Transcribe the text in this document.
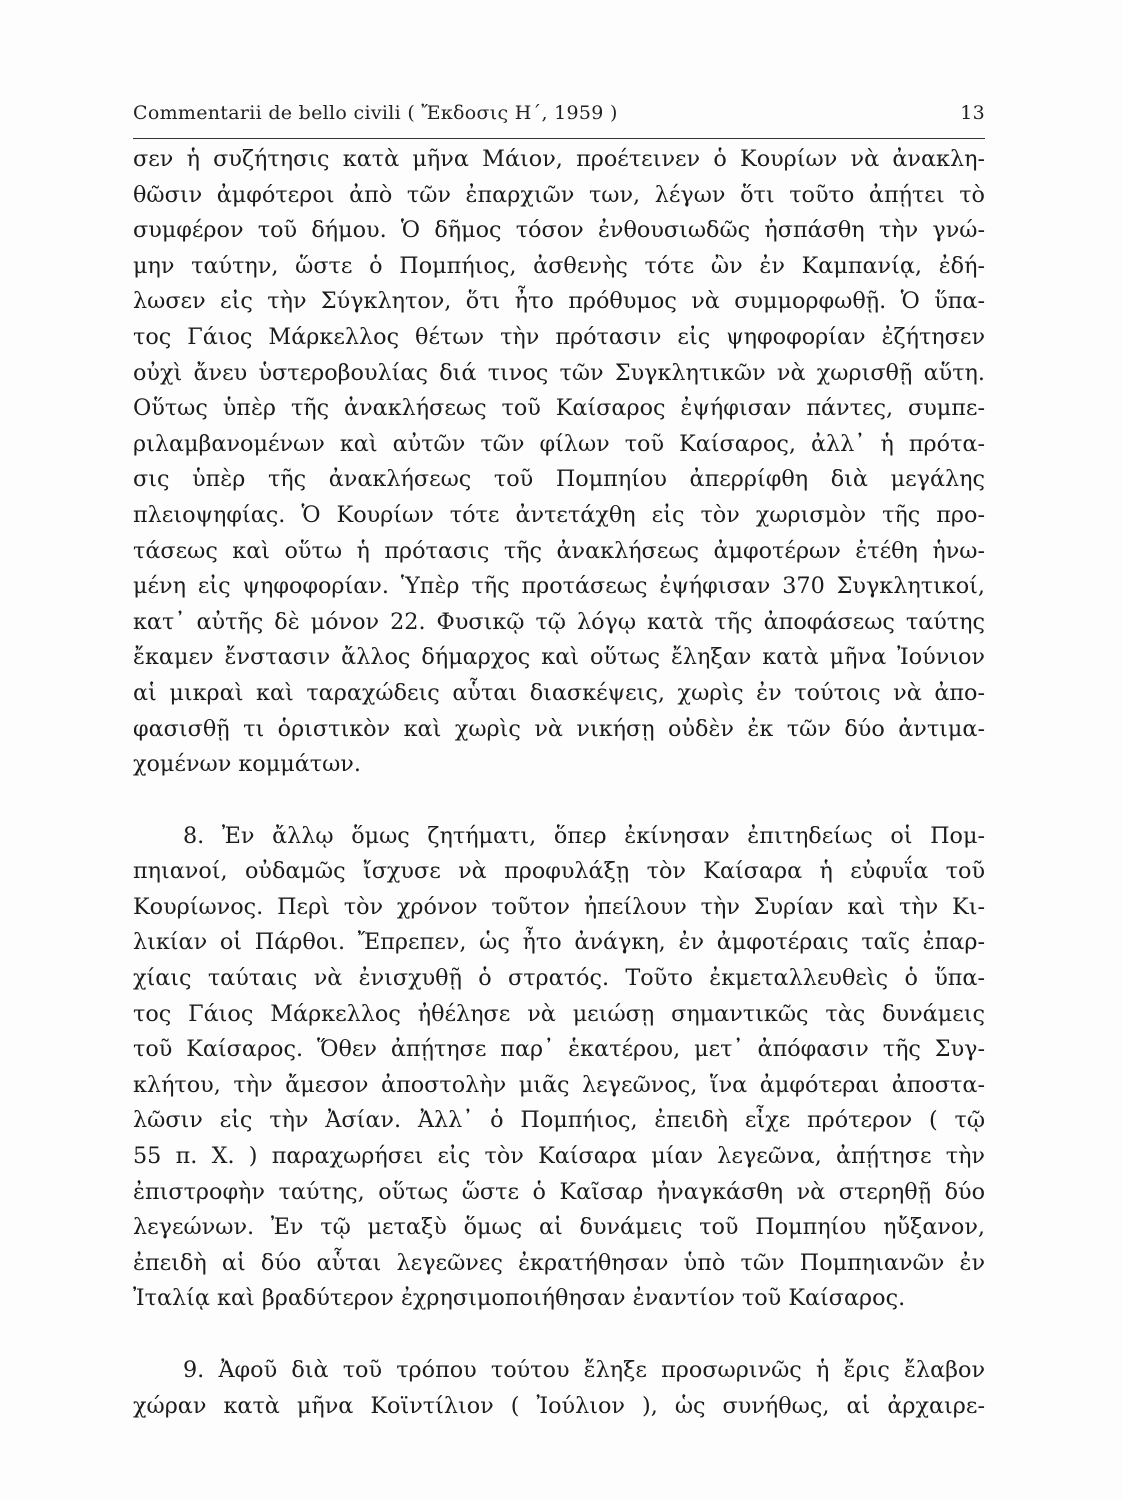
Commentarii de bello civili ( Ἔκδοσις Η΄, 1959 )	13
σεν ἡ συζήτησις κατὰ μῆνα Μάιον, προέτεινεν ὁ Κουρίων νὰ ἀνακλη-
θῶσιν ἀμφότεροι ἀπὸ τῶν ἐπαρχιῶν των, λέγων ὅτι τοῦτο ἀπῄτει τὸ
συμφέρον τοῦ δήμου. Ὁ δῆμος τόσον ἐνθουσιωδῶς ἠσπάσθη τὴν γνώ-
μην ταύτην, ὥστε ὁ Πομπήιος, ἀσθενὴς τότε ὢν ἐν Καμπανίᾳ, ἐδή-
λωσεν εἰς τὴν Σύγκλητον, ὅτι ἦτο πρόθυμος νὰ συμμορφωθῇ. Ὁ ὕπα-
τος Γάιος Μάρκελλος θέτων τὴν πρότασιν εἰς ψηφοφορίαν ἐζήτησεν
οὐχὶ ἄνευ ὑστεροβουλίας διά τινος τῶν Συγκλητικῶν νὰ χωρισθῇ αὕτη.
Οὕτως ὑπὲρ τῆς ἀνακλήσεως τοῦ Καίσαρος ἐψήφισαν πάντες, συμπε-
ριλαμβανομένων καὶ αὐτῶν τῶν φίλων τοῦ Καίσαρος, ἀλλ᾽ ἡ πρότα-
σις ὑπὲρ τῆς ἀνακλήσεως τοῦ Πομπηίου ἀπερρίφθη διὰ μεγάλης
πλειοψηφίας. Ὁ Κουρίων τότε ἀντετάχθη εἰς τὸν χωρισμὸν τῆς προ-
τάσεως καὶ οὕτω ἡ πρότασις τῆς ἀνακλήσεως ἀμφοτέρων ἐτέθη ἡνω-
μένη εἰς ψηφοφορίαν. Ὑπὲρ τῆς προτάσεως ἐψήφισαν 370 Συγκλητικοί,
κατ᾽ αὐτῆς δὲ μόνον 22. Φυσικῷ τῷ λόγῳ κατὰ τῆς ἀποφάσεως ταύτης
ἔκαμεν ἔνστασιν ἄλλος δήμαρχος καὶ οὕτως ἔληξαν κατὰ μῆνα Ἰούνιον
αἱ μικραὶ καὶ ταραχώδεις αὗται διασκέψεις, χωρὶς ἐν τούτοις νὰ ἀπο-
φασισθῇ τι ὁριστικὸν καὶ χωρὶς νὰ νικήσῃ οὐδὲν ἐκ τῶν δύο ἀντιμα-
χομένων κομμάτων.
8. Ἐν ἄλλῳ ὅμως ζητήματι, ὅπερ ἐκίνησαν ἐπιτηδείως οἱ Πομ-
πηιανοί, οὐδαμῶς ἴσχυσε νὰ προφυλάξῃ τὸν Καίσαρα ἡ εὐφυΐα τοῦ
Κουρίωνος. Περὶ τὸν χρόνον τοῦτον ἠπείλουν τὴν Συρίαν καὶ τὴν Κι-
λικίαν οἱ Πάρθοι. Ἔπρεπεν, ὡς ἦτο ἀνάγκη, ἐν ἀμφοτέραις ταῖς ἐπαρ-
χίαις ταύταις νὰ ἐνισχυθῇ ὁ στρατός. Τοῦτο ἐκμεταλλευθεὶς ὁ ὕπα-
τος Γάιος Μάρκελλος ἠθέλησε νὰ μειώσῃ σημαντικῶς τὰς δυνάμεις
τοῦ Καίσαρος. Ὅθεν ἀπῄτησε παρ᾽ ἑκατέρου, μετ᾽ ἀπόφασιν τῆς Συγ-
κλήτου, τὴν ἄμεσον ἀποστολὴν μιᾶς λεγεῶνος, ἵνα ἀμφότεραι ἀποστα-
λῶσιν εἰς τὴν Ἀσίαν. Ἀλλ᾽ ὁ Πομπήιος, ἐπειδὴ εἶχε πρότερον ( τῷ
55 π. Χ. ) παραχωρήσει εἰς τὸν Καίσαρα μίαν λεγεῶνα, ἀπῄτησε τὴν
ἐπιστροφὴν ταύτης, οὕτως ὥστε ὁ Καῖσαρ ἠναγκάσθη νὰ στερηθῇ δύο
λεγεώνων. Ἐν τῷ μεταξὺ ὅμως αἱ δυνάμεις τοῦ Πομπηίου ηὔξανον,
ἐπειδὴ αἱ δύο αὗται λεγεῶνες ἐκρατήθησαν ὑπὸ τῶν Πομπηιανῶν ἐν
Ἰταλίᾳ καὶ βραδύτερον ἐχρησιμοποιήθησαν ἐναντίον τοῦ Καίσαρος.
9. Ἀφοῦ διὰ τοῦ τρόπου τούτου ἔληξε προσωρινῶς ἡ ἔρις ἔλαβον
χώραν κατὰ μῆνα Κοϊντίλιον ( Ἰούλιον ), ὡς συνήθως, αἱ ἀρχαιρε-
